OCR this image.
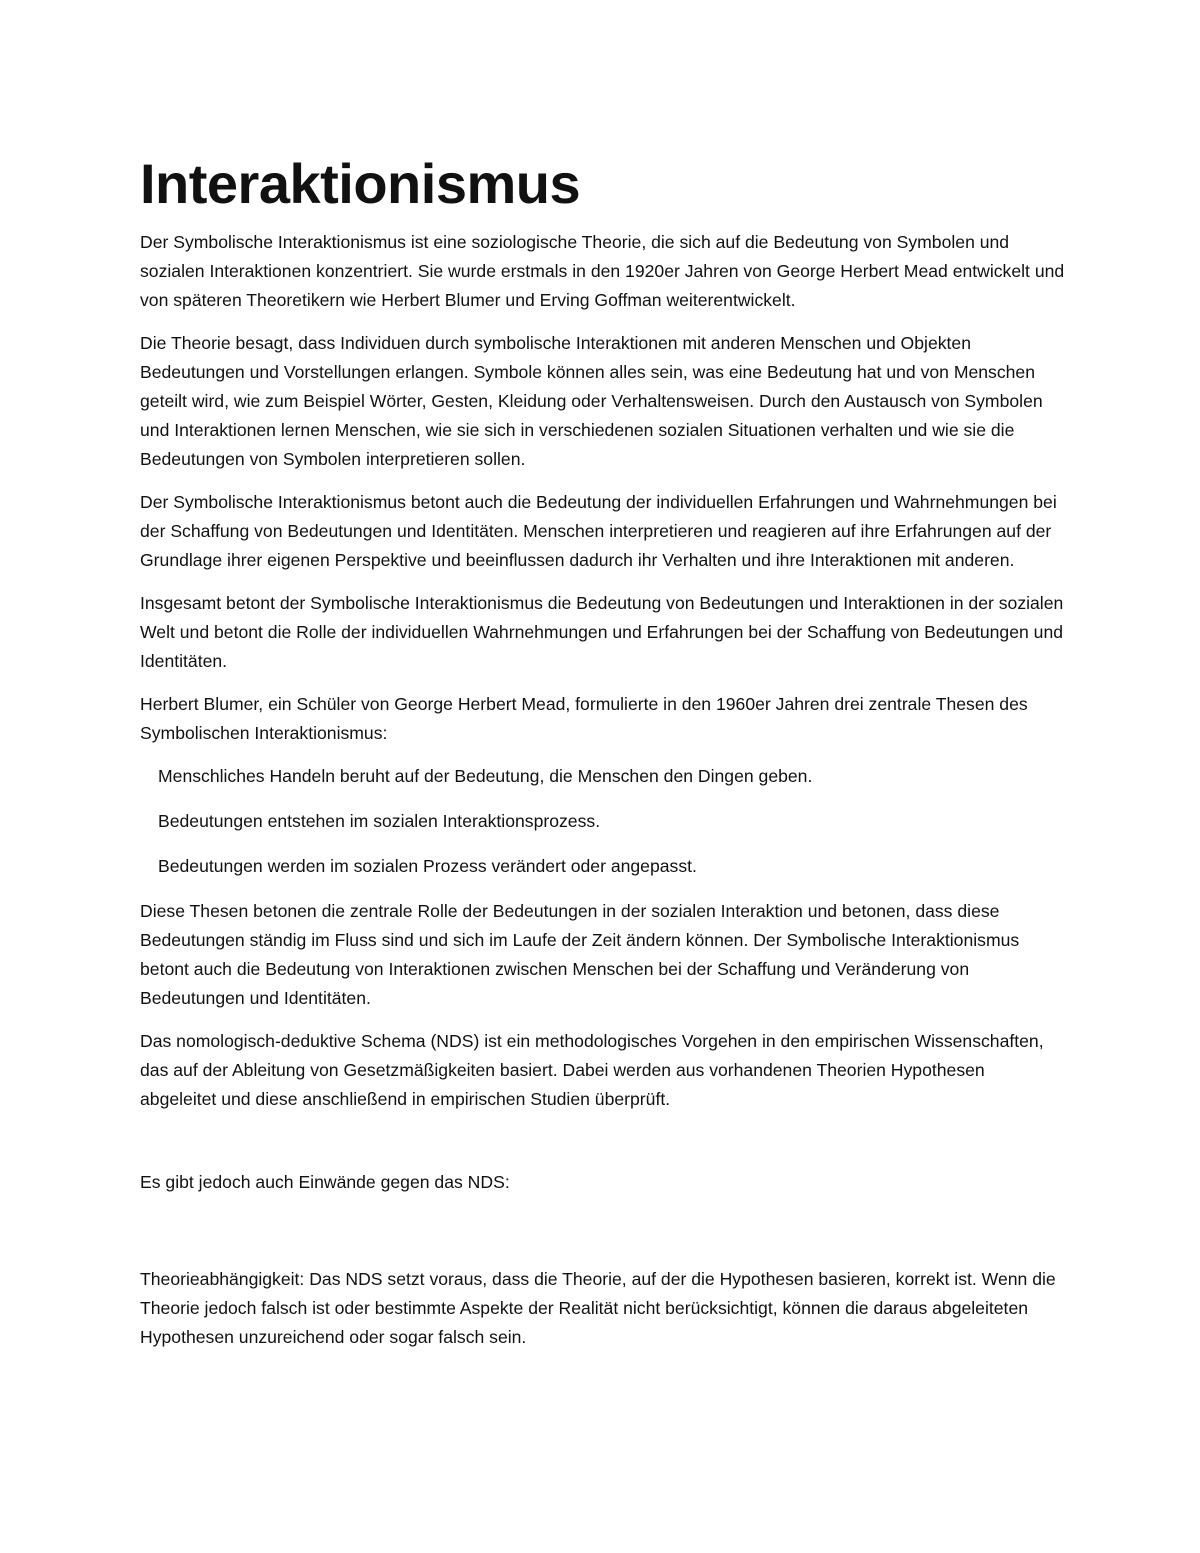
Interaktionismus

Der Symbolische Interaktionismus ist eine soziologische Theorie, die sich auf die Bedeutung von Symbolen und sozialen Interaktionen konzentriert. Sie wurde erstmals in den 1920er Jahren von George Herbert Mead entwickelt und von späteren Theoretikern wie Herbert Blumer und Erving Goffman weiterentwickelt.

Die Theorie besagt, dass Individuen durch symbolische Interaktionen mit anderen Menschen und Objekten Bedeutungen und Vorstellungen erlangen. Symbole können alles sein, was eine Bedeutung hat und von Menschen geteilt wird, wie zum Beispiel Wörter, Gesten, Kleidung oder Verhaltensweisen. Durch den Austausch von Symbolen und Interaktionen lernen Menschen, wie sie sich in verschiedenen sozialen Situationen verhalten und wie sie die Bedeutungen von Symbolen interpretieren sollen.

Der Symbolische Interaktionismus betont auch die Bedeutung der individuellen Erfahrungen und Wahrnehmungen bei der Schaffung von Bedeutungen und Identitäten. Menschen interpretieren und reagieren auf ihre Erfahrungen auf der Grundlage ihrer eigenen Perspektive und beeinflussen dadurch ihr Verhalten und ihre Interaktionen mit anderen.

Insgesamt betont der Symbolische Interaktionismus die Bedeutung von Bedeutungen und Interaktionen in der sozialen Welt und betont die Rolle der individuellen Wahrnehmungen und Erfahrungen bei der Schaffung von Bedeutungen und Identitäten.

Herbert Blumer, ein Schüler von George Herbert Mead, formulierte in den 1960er Jahren drei zentrale Thesen des Symbolischen Interaktionismus:

Menschliches Handeln beruht auf der Bedeutung, die Menschen den Dingen geben.

Bedeutungen entstehen im sozialen Interaktionsprozess.

Bedeutungen werden im sozialen Prozess verändert oder angepasst.

Diese Thesen betonen die zentrale Rolle der Bedeutungen in der sozialen Interaktion und betonen, dass diese Bedeutungen ständig im Fluss sind und sich im Laufe der Zeit ändern können. Der Symbolische Interaktionismus betont auch die Bedeutung von Interaktionen zwischen Menschen bei der Schaffung und Veränderung von Bedeutungen und Identitäten.

Das nomologisch-deduktive Schema (NDS) ist ein methodologisches Vorgehen in den empirischen Wissenschaften, das auf der Ableitung von Gesetzmäßigkeiten basiert. Dabei werden aus vorhandenen Theorien Hypothesen abgeleitet und diese anschließend in empirischen Studien überprüft.

Es gibt jedoch auch Einwände gegen das NDS:

Theorieabhängigkeit: Das NDS setzt voraus, dass die Theorie, auf der die Hypothesen basieren, korrekt ist. Wenn die Theorie jedoch falsch ist oder bestimmte Aspekte der Realität nicht berücksichtigt, können die daraus abgeleiteten Hypothesen unzureichend oder sogar falsch sein.
